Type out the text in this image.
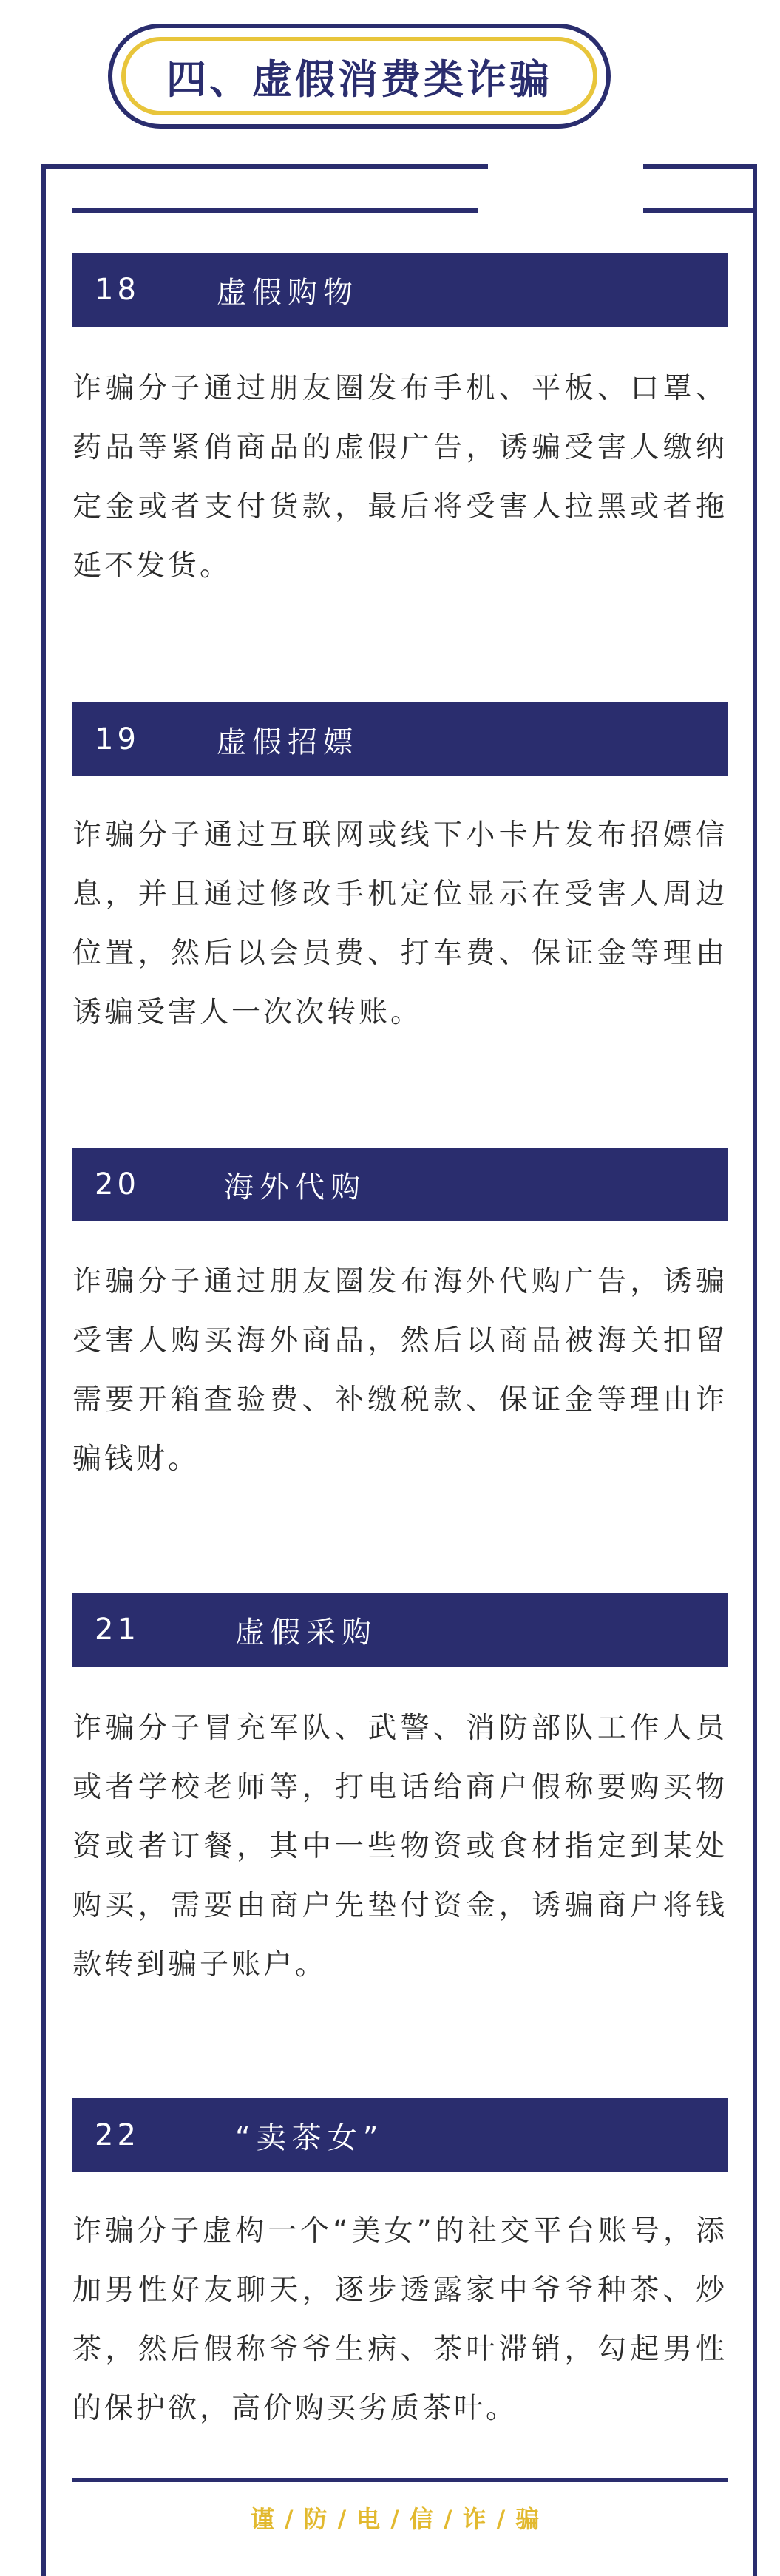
四、虚假消费类诈骗
18	虚假购物
诈骗分子通过朋友圈发布手机、平板、口罩、药品等紧俏商品的虚假广告，诱骗受害人缴纳定金或者支付货款，最后将受害人拉黑或者拖延不发货。
19	虚假招嫖
诈骗分子通过互联网或线下小卡片发布招嫖信息，并且通过修改手机定位显示在受害人周边位置，然后以会员费、打车费、保证金等理由诱骗受害人一次次转账。
20	海外代购
诈骗分子通过朋友圈发布海外代购广告，诱骗受害人购买海外商品，然后以商品被海关扣留需要开箱查验费、补缴税款、保证金等理由诈骗钱财。
21	虚假采购
诈骗分子冒充军队、武警、消防部队工作人员或者学校老师等，打电话给商户假称要购买物资或者订餐，其中一些物资或食材指定到某处购买，需要由商户先垫付资金，诱骗商户将钱款转到骗子账户。
22	“卖茶女”
诈骗分子虚构一个“美女”的社交平台账号，添加男性好友聊天，逐步透露家中爷爷种茶、炒茶，然后假称爷爷生病、茶叶滞销，勾起男性的保护欲，高价购买劣质茶叶。
谨/防/电/信/诈/骗
